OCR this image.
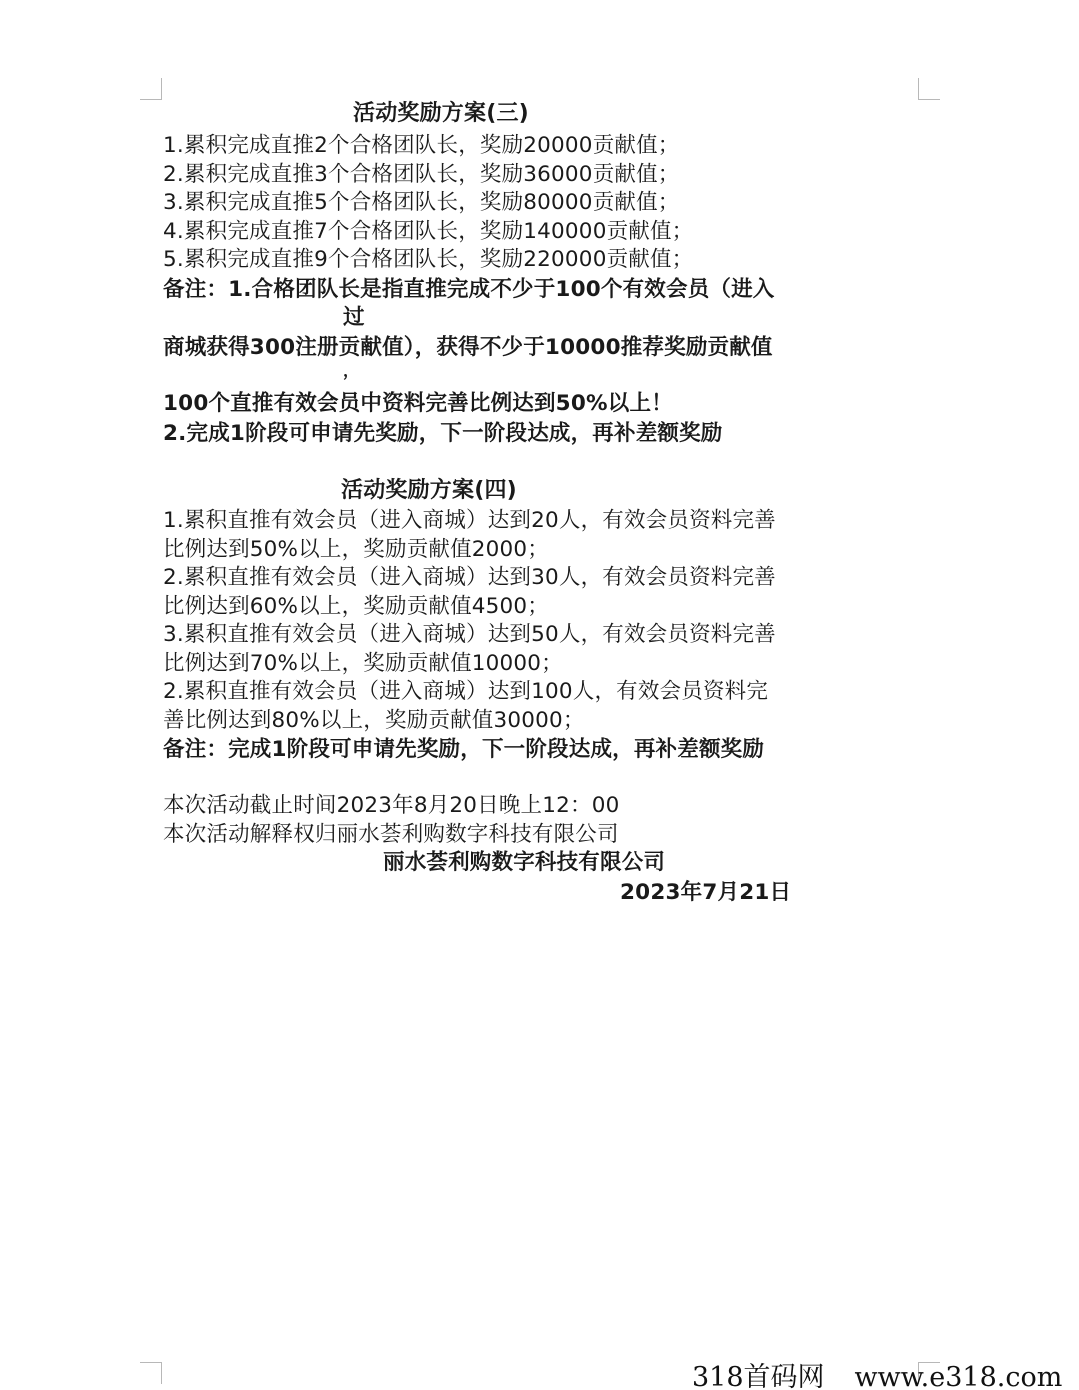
活动奖励方案(三)
1.累积完成直推2个合格团队长，奖励20000贡献值；
2.累积完成直推3个合格团队长，奖励36000贡献值；
3.累积完成直推5个合格团队长，奖励80000贡献值；
4.累积完成直推7个合格团队长，奖励140000贡献值；
5.累积完成直推9个合格团队长，奖励220000贡献值；
备注：1.合格团队长是指直推完成不少于100个有效会员（进入
过
商城获得300注册贡献值），获得不少于10000推荐奖励贡献值
，
100个直推有效会员中资料完善比例达到50%以上！
2.完成1阶段可申请先奖励，下一阶段达成，再补差额奖励
活动奖励方案(四)
1.累积直推有效会员（进入商城）达到20人，有效会员资料完善
比例达到50%以上，奖励贡献值2000；
2.累积直推有效会员（进入商城）达到30人，有效会员资料完善
比例达到60%以上，奖励贡献值4500；
3.累积直推有效会员（进入商城）达到50人，有效会员资料完善
比例达到70%以上，奖励贡献值10000；
2.累积直推有效会员（进入商城）达到100人，有效会员资料完
善比例达到80%以上，奖励贡献值30000；
备注：完成1阶段可申请先奖励，下一阶段达成，再补差额奖励
本次活动截止时间2023年8月20日晚上12：00
本次活动解释权归丽水荟利购数字科技有限公司
丽水荟利购数字科技有限公司
2023年7月21日
318首码网 www.e318.com
